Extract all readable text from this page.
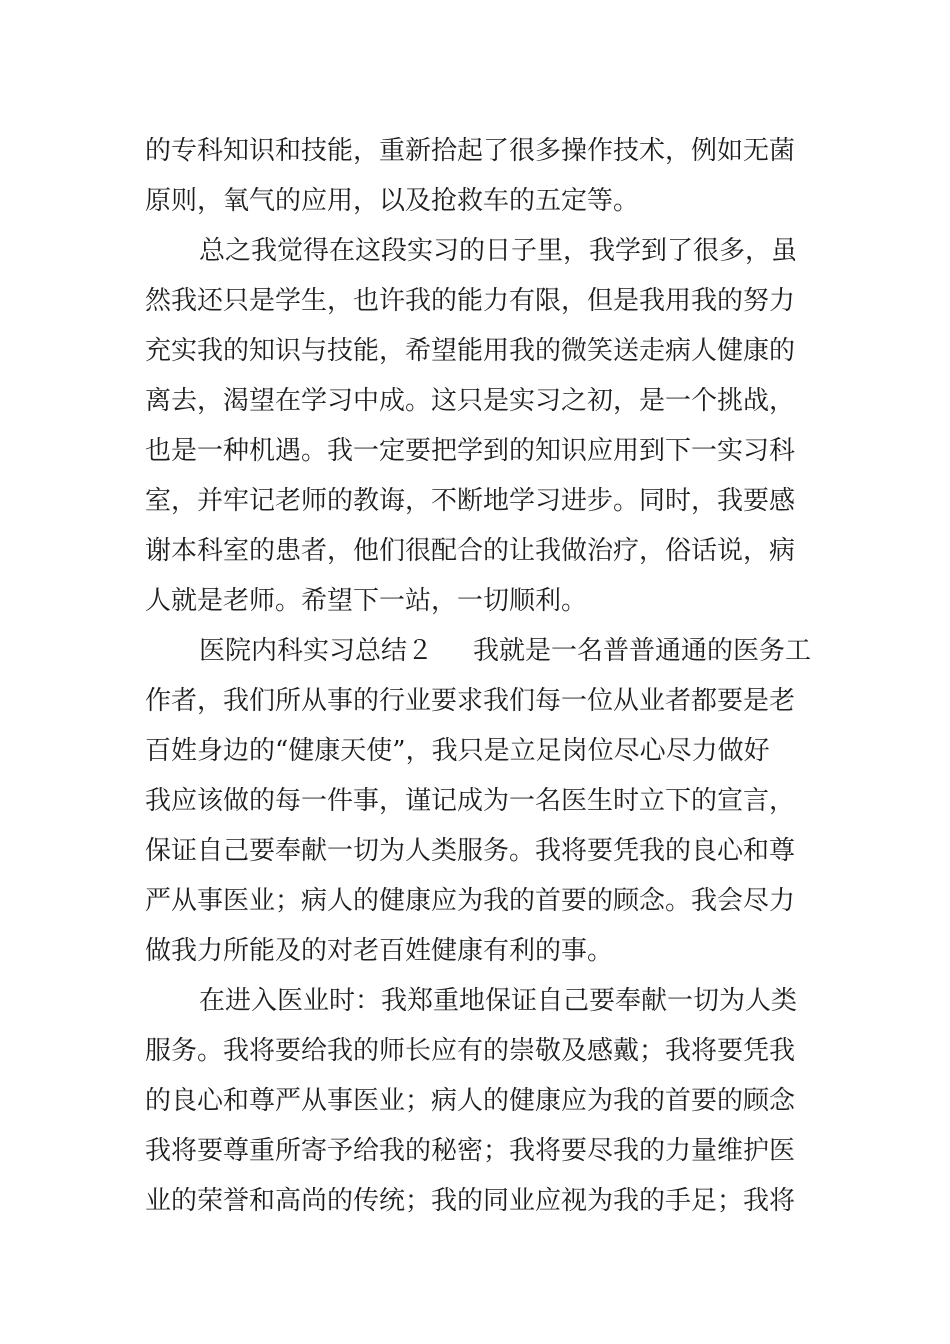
的专科知识和技能，重新拾起了很多操作技术，例如无菌
原则，氧气的应用，以及抢救车的五定等。
总之我觉得在这段实习的日子里，我学到了很多，虽
然我还只是学生，也许我的能力有限，但是我用我的努力
充实我的知识与技能，希望能用我的微笑送走病人健康的
离去，渴望在学习中成。这只是实习之初，是一个挑战，
也是一种机遇。我一定要把学到的知识应用到下一实习科
室，并牢记老师的教诲，不断地学习进步。同时，我要感
谢本科室的患者，他们很配合的让我做治疗，俗话说，病
人就是老师。希望下一站，一切顺利。
医院内科实习总结２ 我就是一名普普通通的医务工
作者，我们所从事的行业要求我们每一位从业者都要是老
百姓身边的“健康天使”，我只是立足岗位尽心尽力做好
我应该做的每一件事，谨记成为一名医生时立下的宣言，
保证自己要奉献一切为人类服务。我将要凭我的良心和尊
严从事医业；病人的健康应为我的首要的顾念。我会尽力
做我力所能及的对老百姓健康有利的事。
在进入医业时：我郑重地保证自己要奉献一切为人类
服务。我将要给我的师长应有的崇敬及感戴；我将要凭我
的良心和尊严从事医业；病人的健康应为我的首要的顾念
我将要尊重所寄予给我的秘密；我将要尽我的力量维护医
业的荣誉和高尚的传统；我的同业应视为我的手足；我将
